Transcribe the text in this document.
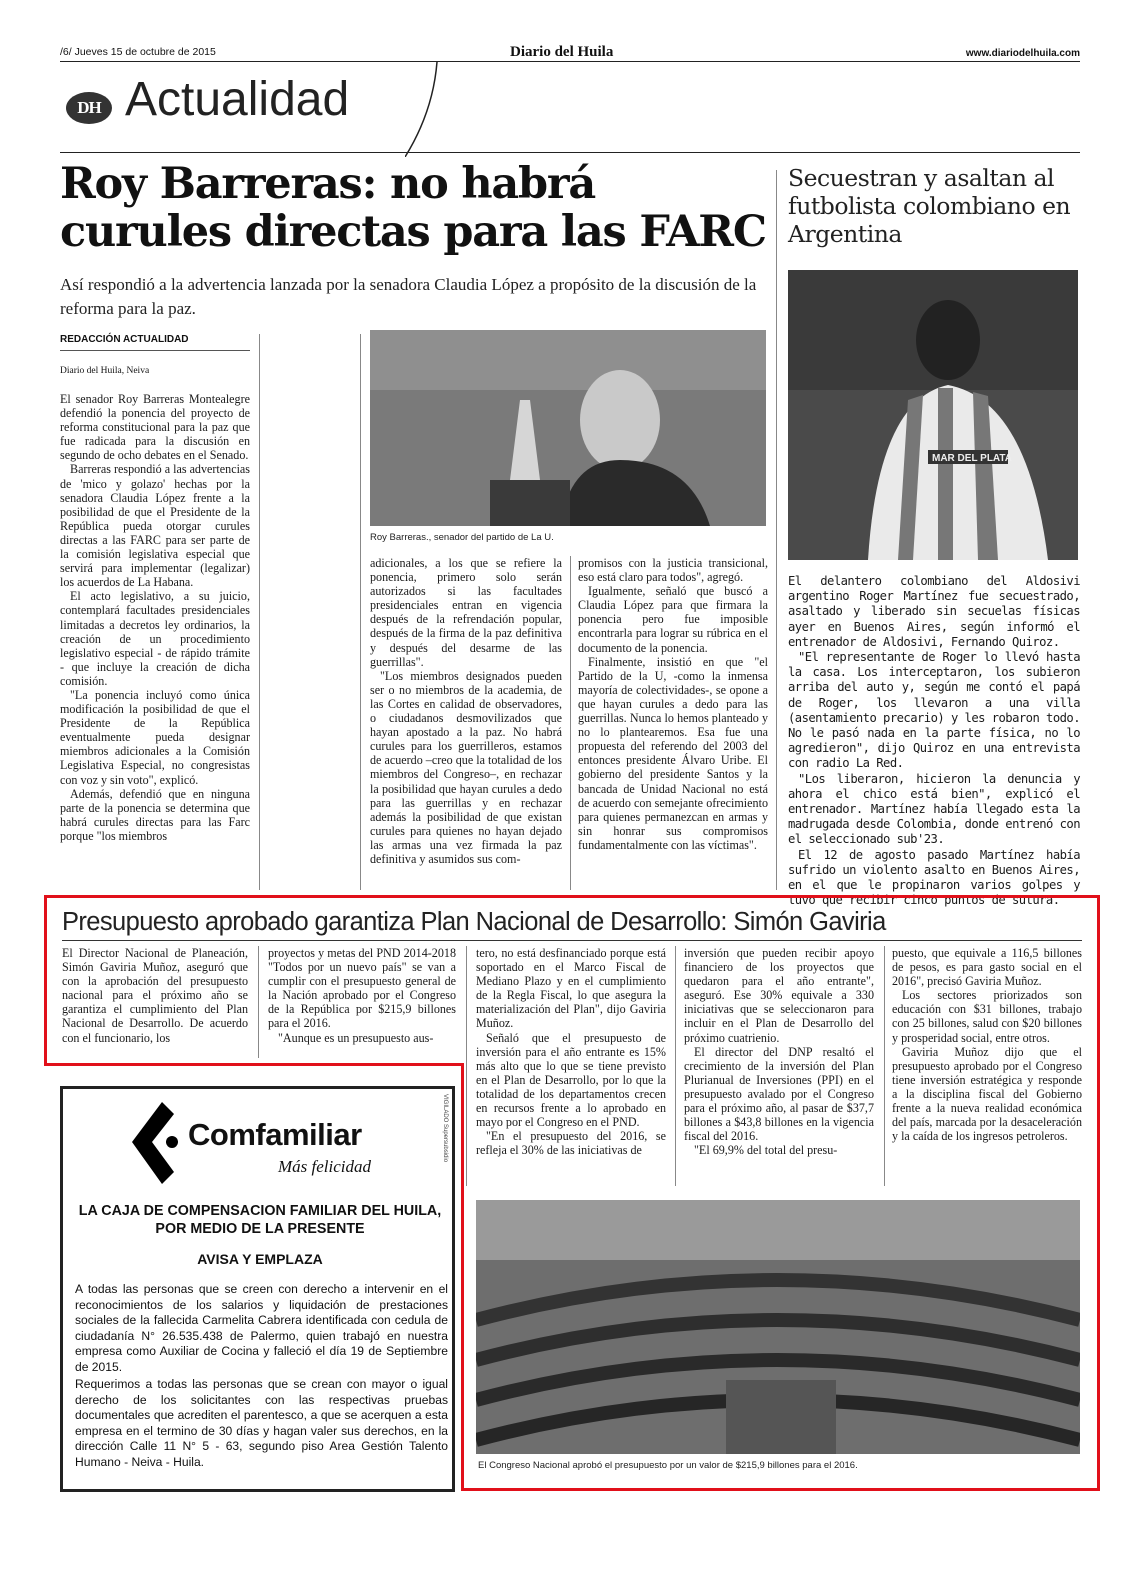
/6/ Jueves 15 de octubre de 2015	Diario del Huila	www.diariodelhuila.com
DH Actualidad
Roy Barreras: no habrá
curules directas para las FARC
Así respondió a la advertencia lanzada por la senadora Claudia López a propósito de la discusión de la reforma para la paz.
REDACCIÓN ACTUALIDAD
Diario del Huila, Neiva

El senador Roy Barreras Montealegre defendió la ponencia del proyecto de reforma constitucional para la paz que fue radicada para la discusión en segundo de ocho debates en el Senado.

Barreras respondió a las advertencias de 'mico y golazo' hechas por la senadora Claudia López frente a la posibilidad de que el Presidente de la República pueda otorgar curules directas a las FARC para ser parte de la comisión legislativa especial que servirá para implementar (legalizar) los acuerdos de La Habana.

El acto legislativo, a su juicio, contemplará facultades presidenciales limitadas a decretos ley ordinarios, la creación de un procedimiento legislativo especial - de rápido trámite - que incluye la creación de dicha comisión.

"La ponencia incluyó como única modificación la posibilidad de que el Presidente de la República eventualmente pueda designar miembros adicionales a la Comisión Legislativa Especial, no congresistas con voz y sin voto", explicó.

Además, defendió que en ninguna parte de la ponencia se determina que habrá curules directas para las Farc porque "los miembros

Roy Barreras., senador del partido de La U.

adicionales, a los que se refiere la ponencia, primero solo serán autorizados si las facultades presidenciales entran en vigencia después de la refrendación popular, después de la firma de la paz definitiva y después del desarme de las guerrillas".

"Los miembros designados pueden ser o no miembros de la academia, de las Cortes en calidad de observadores, o ciudadanos desmovilizados que hayan apostado a la paz. No habrá curules para los guerrilleros, estamos de acuerdo –creo que la totalidad de los miembros del Congreso–, en rechazar la posibilidad que hayan curules a dedo para las guerrillas y en rechazar además la posibilidad de que existan curules para quienes no hayan dejado las armas una vez firmada la paz definitiva y asumidos sus com-

promisos con la justicia transicional, eso está claro para todos", agregó.

Igualmente, señaló que buscó a Claudia López para que firmara la ponencia pero fue imposible encontrarla para lograr su rúbrica en el documento de la ponencia.

Finalmente, insistió en que "el Partido de la U, -como la inmensa mayoría de colectividades-, se opone a que hayan curules a dedo para las guerrillas. Nunca lo hemos planteado y no lo plantearemos. Esa fue una propuesta del referendo del 2003 del entonces presidente Álvaro Uribe. El gobierno del presidente Santos y la bancada de Unidad Nacional no está de acuerdo con semejante ofrecimiento para quienes permanezcan en armas y sin honrar sus compromisos fundamentalmente con las víctimas".

Secuestran y asaltan al futbolista colombiano en Argentina
MAR DEL PLATA

El delantero colombiano del Aldosivi argentino Roger Martínez fue secuestrado, asaltado y liberado sin secuelas físicas ayer en Buenos Aires, según informó el entrenador de Aldosivi, Fernando Quiroz.

"El representante de Roger lo llevó hasta la casa. Los interceptaron, los subieron arriba del auto y, según me contó el papá de Roger, los llevaron a una villa (asentamiento precario) y les robaron todo. No le pasó nada en la parte física, no lo agredieron", dijo Quiroz en una entrevista con radio La Red.

"Los liberaron, hicieron la denuncia y ahora el chico está bien", explicó el entrenador. Martínez había llegado esta la madrugada desde Colombia, donde entrenó con el seleccionado sub'23.

El 12 de agosto pasado Martínez había sufrido un violento asalto en Buenos Aires, en el que le propinaron varios golpes y tuvo que recibir cinco puntos de sutura.

Presupuesto aprobado garantiza Plan Nacional de Desarrollo: Simón Gaviria

El Director Nacional de Planeación, Simón Gaviria Muñoz, aseguró que con la aprobación del presupuesto nacional para el próximo año se garantiza el cumplimiento del Plan Nacional de Desarrollo. De acuerdo con el funcionario, los

proyectos y metas del PND 2014-2018 "Todos por un nuevo país" se van a cumplir con el presupuesto general de la Nación aprobado por el Congreso de la República por $215,9 billones para el 2016.

"Aunque es un presupuesto aus-

tero, no está desfinanciado porque está soportado en el Marco Fiscal de Mediano Plazo y en el cumplimiento de la Regla Fiscal, lo que asegura la materialización del Plan", dijo Gaviria Muñoz.

Señaló que el presupuesto de inversión para el año entrante es 15% más alto que lo que se tiene previsto en el Plan de Desarrollo, por lo que la totalidad de los departamentos crecen en recursos frente a lo aprobado en mayo por el Congreso en el PND.

"En el presupuesto del 2016, se refleja el 30% de las iniciativas de

inversión que pueden recibir apoyo financiero de los proyectos que quedaron para el año entrante", aseguró. Ese 30% equivale a 330 iniciativas que se seleccionaron para incluir en el Plan de Desarrollo del próximo cuatrienio.

El director del DNP resaltó el crecimiento de la inversión del Plan Plurianual de Inversiones (PPI) en el presupuesto avalado por el Congreso para el próximo año, al pasar de $37,7 billones a $43,8 billones en la vigencia fiscal del 2016.

"El 69,9% del total del presu-

puesto, que equivale a 116,5 billones de pesos, es para gasto social en el 2016", precisó Gaviria Muñoz.

Los sectores priorizados son educación con $31 billones, trabajo con 25 billones, salud con $20 billones y prosperidad social, entre otros.

Gaviria Muñoz dijo que el presupuesto aprobado por el Congreso tiene inversión estratégica y responde a la disciplina fiscal del Gobierno frente a la nueva realidad económica del país, marcada por la desaceleración y la caída de los ingresos petroleros.

El Congreso Nacional aprobó el presupuesto por un valor de $215,9 billones para el 2016.
Comfamiliar
Más felicidad
VIGILADO Supersubsidio
LA CAJA DE COMPENSACION FAMILIAR DEL HUILA,
POR MEDIO DE LA PRESENTE
AVISA Y EMPLAZA
A todas las personas que se creen con derecho a intervenir en el reconocimientos de los salarios y liquidación de prestaciones sociales de la fallecida Carmelita Cabrera identificada con cedula de ciudadanía N° 26.535.438 de Palermo, quien trabajó en nuestra empresa como Auxiliar de Cocina y falleció el día 19 de Septiembre de 2015.
Requerimos a todas las personas que se crean con mayor o igual derecho de los solicitantes con las respectivas pruebas documentales que acrediten el parentesco, a que se acerquen a esta empresa en el termino de 30 días y hagan valer sus derechos, en la dirección Calle 11 N° 5 - 63, segundo piso Area Gestión Talento Humano - Neiva - Huila.
